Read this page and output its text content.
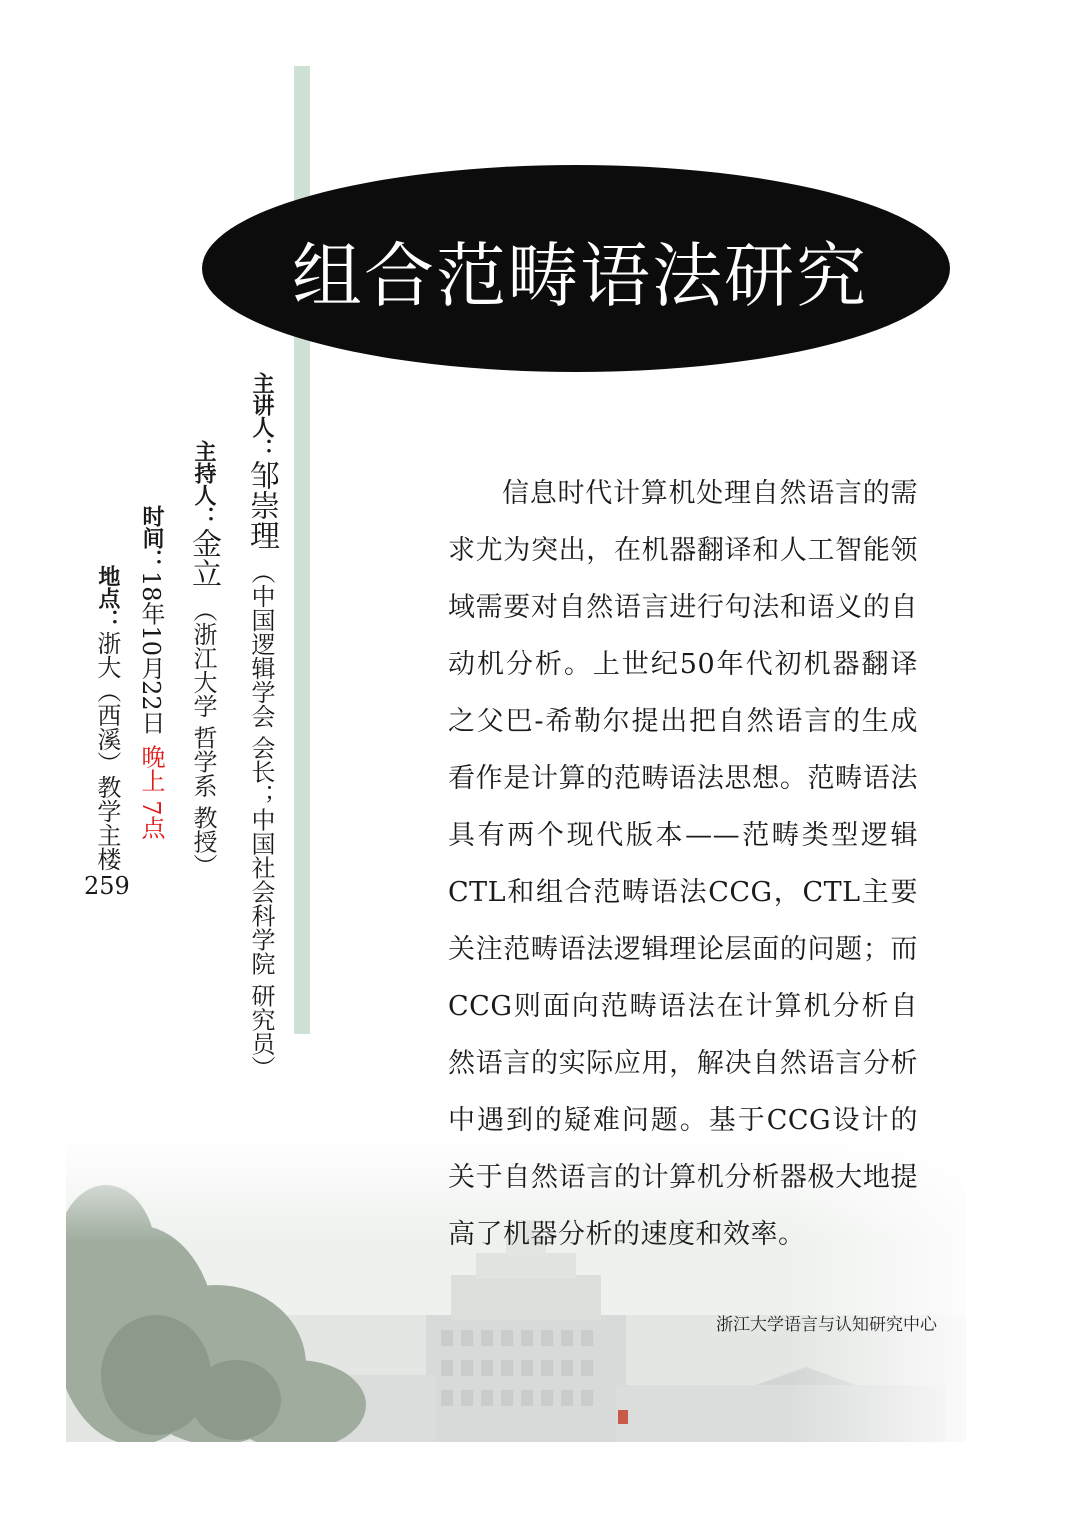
组合范畴语法研究
主讲人：邹崇理（中国逻辑学会 会长；中国社会科学院 研究员）
主持人：金立（浙江大学 哲学系 教授）
时间：18年10月22日晚上 7点
地点：浙大（西溪）教学主楼259
信息时代计算机处理自然语言的需求尤为突出，在机器翻译和人工智能领域需要对自然语言进行句法和语义的自动机分析。上世纪50年代初机器翻译之父巴-希勒尔提出把自然语言的生成看作是计算的范畴语法思想。范畴语法具有两个现代版本——范畴类型逻辑CTL和组合范畴语法CCG，CTL主要关注范畴语法逻辑理论层面的问题；而CCG则面向范畴语法在计算机分析自然语言的实际应用，解决自然语言分析中遇到的疑难问题。基于CCG设计的关于自然语言的计算机分析器极大地提高了机器分析的速度和效率。
浙江大学语言与认知研究中心
